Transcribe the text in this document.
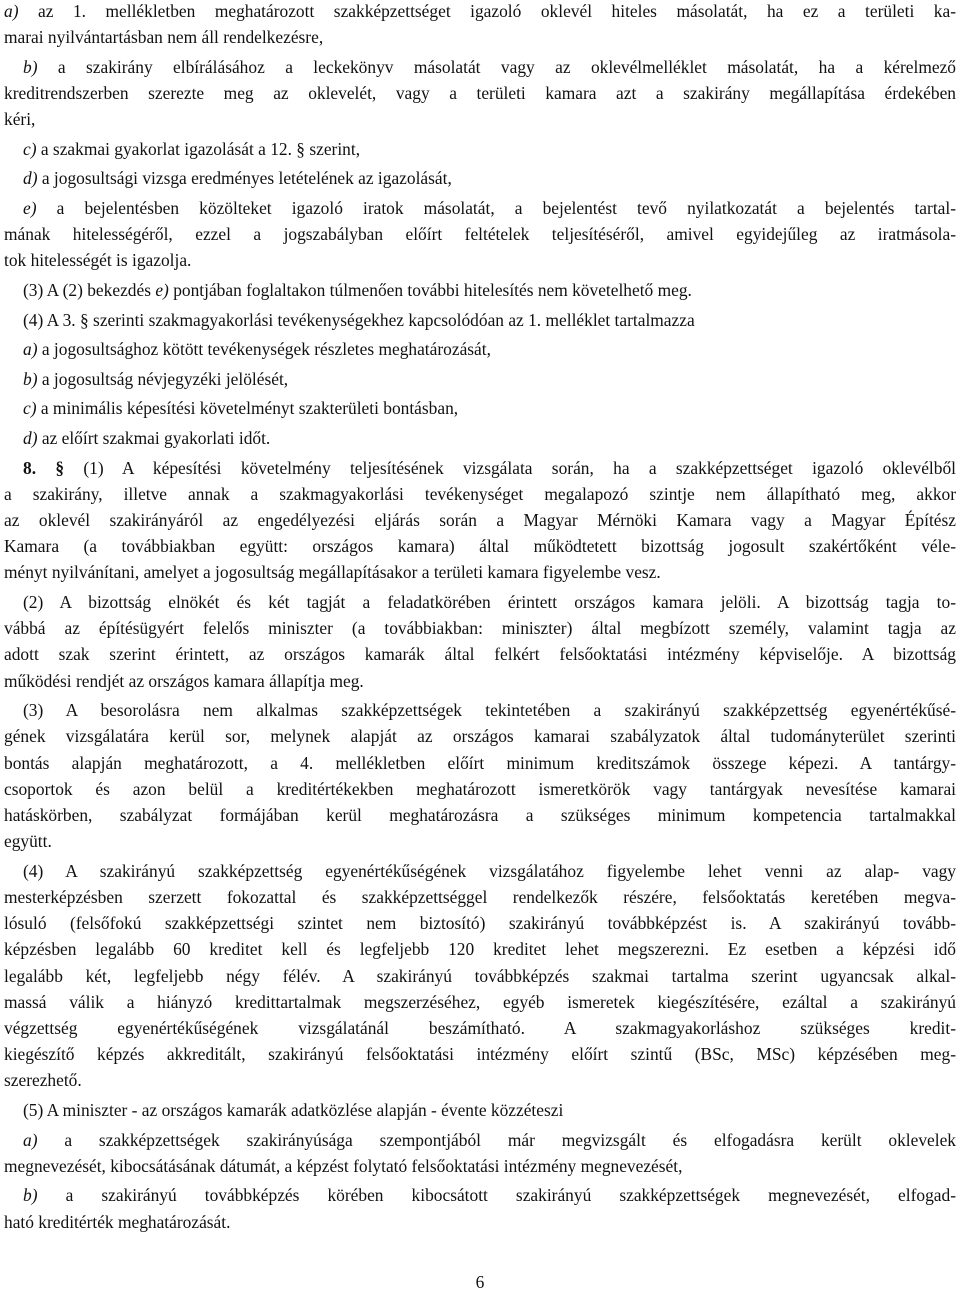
a) az 1. mellékletben meghatározott szakképzettséget igazoló oklevél hiteles másolatát, ha ez a területi ka-
marai nyilvántartásban nem áll rendelkezésre,
b) a szakirány elbírálásához a leckekönyv másolatát vagy az oklevélmelléklet másolatát, ha a kérelmező
kreditrendszerben szerezte meg az oklevelét, vagy a területi kamara azt a szakirány megállapítása érdekében
kéri,
c) a szakmai gyakorlat igazolását a 12. § szerint,
d) a jogosultsági vizsga eredményes letételének az igazolását,
e) a bejelentésben közölteket igazoló iratok másolatát, a bejelentést tevő nyilatkozatát a bejelentés tartal-
mának hitelességéről, ezzel a jogszabályban előírt feltételek teljesítéséről, amivel egyidejűleg az iratmásola-
tok hitelességét is igazolja.
(3) A (2) bekezdés e) pontjában foglaltakon túlmenően további hitelesítés nem követelhető meg.
(4) A 3. § szerinti szakmagyakorlási tevékenységekhez kapcsolódóan az 1. melléklet tartalmazza
a) a jogosultsághoz kötött tevékenységek részletes meghatározását,
b) a jogosultság névjegyzéki jelölését,
c) a minimális képesítési követelményt szakterületi bontásban,
d) az előírt szakmai gyakorlati időt.
8. § (1) A képesítési követelmény teljesítésének vizsgálata során, ha a szakképzettséget igazoló oklevélből
a szakirány, illetve annak a szakmagyakorlási tevékenységet megalapozó szintje nem állapítható meg, akkor
az oklevél szakirányáról az engedélyezési eljárás során a Magyar Mérnöki Kamara vagy a Magyar Építész
Kamara (a továbbiakban együtt: országos kamara) által működtetett bizottság jogosult szakértőként véle-
ményt nyilvánítani, amelyet a jogosultság megállapításakor a területi kamara figyelembe vesz.
(2) A bizottság elnökét és két tagját a feladatkörében érintett országos kamara jelöli. A bizottság tagja to-
vábbá az építésügyért felelős miniszter (a továbbiakban: miniszter) által megbízott személy, valamint tagja az
adott szak szerint érintett, az országos kamarák által felkért felsőoktatási intézmény képviselője. A bizottság
működési rendjét az országos kamara állapítja meg.
(3) A besorolásra nem alkalmas szakképzettségek tekintetében a szakirányú szakképzettség egyenértékűsé-
gének vizsgálatára kerül sor, melynek alapját az országos kamarai szabályzatok által tudományterület szerinti
bontás alapján meghatározott, a 4. mellékletben előírt minimum kreditszámok összege képezi. A tantárgy-
csoportok és azon belül a kreditértékekben meghatározott ismeretkörök vagy tantárgyak nevesítése kamarai
hatáskörben, szabályzat formájában kerül meghatározásra a szükséges minimum kompetencia tartalmakkal
együtt.
(4) A szakirányú szakképzettség egyenértékűségének vizsgálatához figyelembe lehet venni az alap- vagy
mesterképzésben szerzett fokozattal és szakképzettséggel rendelkezők részére, felsőoktatás keretében megva-
lósuló (felsőfokú szakképzettségi szintet nem biztosító) szakirányú továbbképzést is. A szakirányú tovább-
képzésben legalább 60 kreditet kell és legfeljebb 120 kreditet lehet megszerezni. Ez esetben a képzési idő
legalább két, legfeljebb négy félév. A szakirányú továbbképzés szakmai tartalma szerint ugyancsak alkal-
massá válik a hiányzó kredittartalmak megszerzéséhez, egyéb ismeretek kiegészítésére, ezáltal a szakirányú
végzettség egyenértékűségének vizsgálatánál beszámítható. A szakmagyakorláshoz szükséges kredit-
kiegészítő képzés akkreditált, szakirányú felsőoktatási intézmény előírt szintű (BSc, MSc) képzésében meg-
szerezhető.
(5) A miniszter - az országos kamarák adatközlése alapján - évente közzéteszi
a) a szakképzettségek szakirányúsága szempontjából már megvizsgált és elfogadásra került oklevelek
megnevezését, kibocsátásának dátumát, a képzést folytató felsőoktatási intézmény megnevezését,
b) a szakirányú továbbképzés körében kibocsátott szakirányú szakképzettségek megnevezését, elfogad-
ható kreditérték meghatározását.
6
